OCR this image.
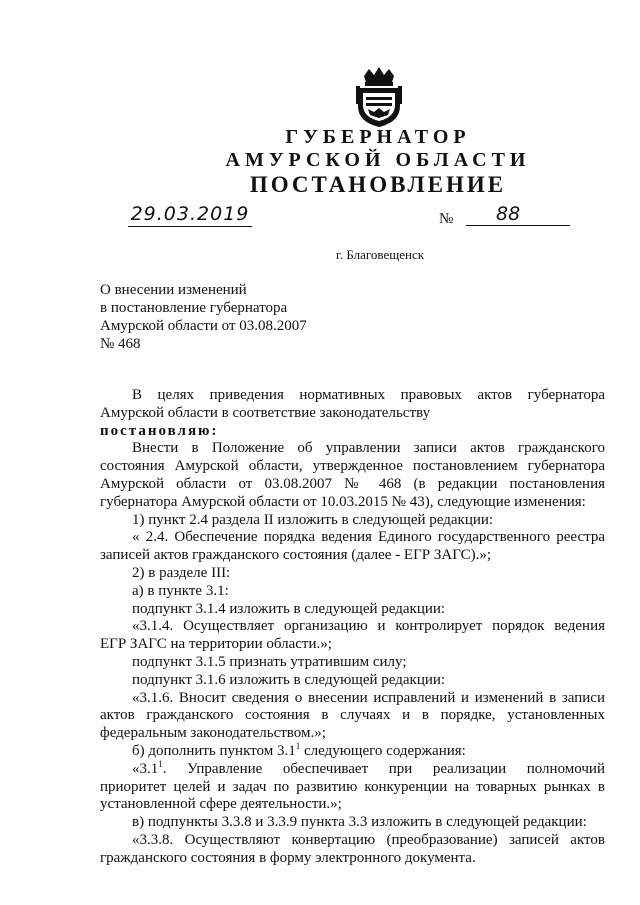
ГУБЕРНАТОР
АМУРСКОЙ ОБЛАСТИ
ПОСТАНОВЛЕНИЕ
29.03.2019	№	88
г. Благовещенск
О внесении изменений
в постановление губернатора
Амурской области от 03.08.2007
№ 468

В целях приведения нормативных правовых актов губернатора

Амурской области в соответствие законодательству

постановляю:

Внести в Положение об управлении записи актов гражданского

состояния Амурской области, утвержденное постановлением губернатора

Амурской области от 03.08.2007 № 468 (в редакции постановления

губернатора Амурской области от 10.03.2015 № 43), следующие изменения:

1) пункт 2.4 раздела II изложить в следующей редакции:

« 2.4. Обеспечение порядка ведения Единого государственного реестра

записей актов гражданского состояния (далее - ЕГР ЗАГС).»;

2) в разделе III:

а) в пункте 3.1:

подпункт 3.1.4 изложить в следующей редакции:

«3.1.4. Осуществляет организацию и контролирует порядок ведения

ЕГР ЗАГС на территории области.»;

подпункт 3.1.5 признать утратившим силу;

подпункт 3.1.6 изложить в следующей редакции:

«3.1.6. Вносит сведения о внесении исправлений и изменений в записи

актов гражданского состояния в случаях и в порядке, установленных

федеральным законодательством.»;

б) дополнить пунктом $3.1^1$ следующего содержания:

«$3.1^1$. Управление обеспечивает при реализации полномочий

приоритет целей и задач по развитию конкуренции на товарных рынках в

установленной сфере деятельности.»;

в) подпункты 3.3.8 и 3.3.9 пункта 3.3 изложить в следующей редакции:

«3.3.8. Осуществляют конвертацию (преобразование) записей актов

гражданского состояния в форму электронного документа.
